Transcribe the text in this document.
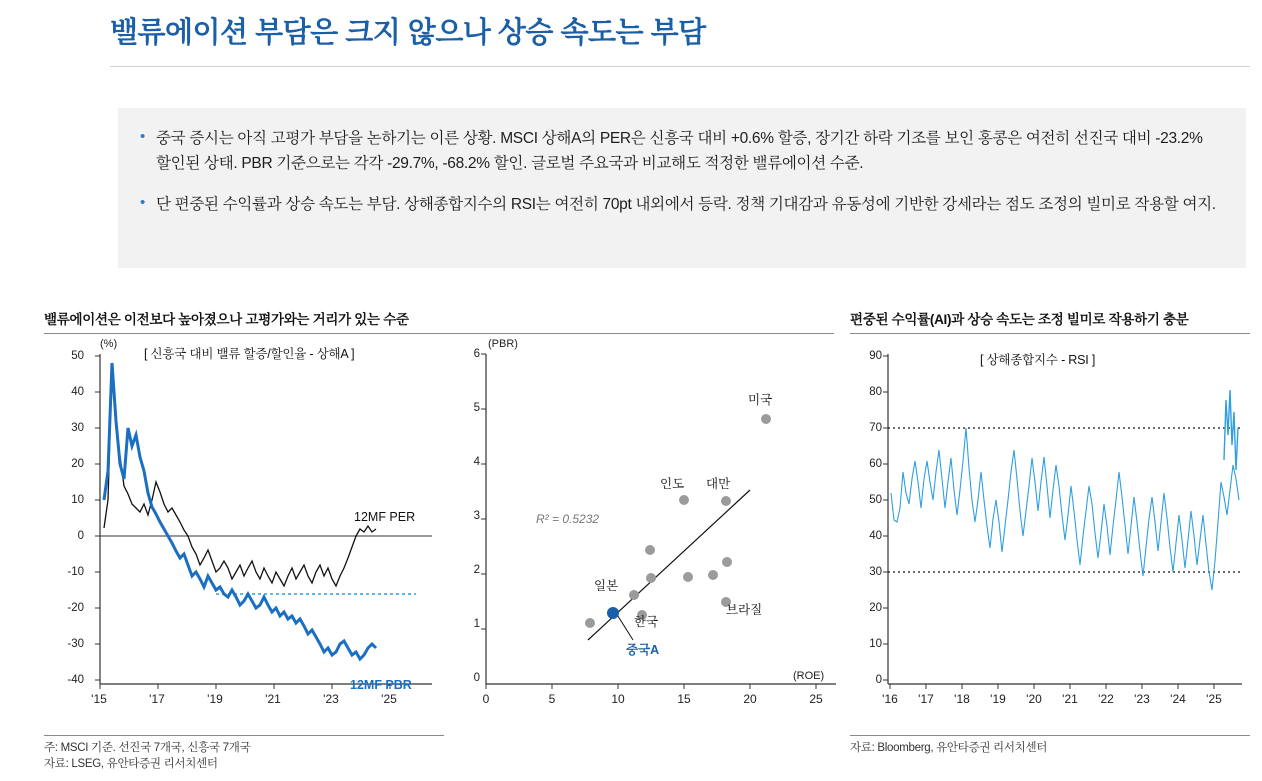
밸류에이션 부담은 크지 않으나 상승 속도는 부담
• 중국 증시는 아직 고평가 부담을 논하기는 이른 상황. MSCI 상해A의 PER은 신흥국 대비 +0.6% 할증, 장기간 하락 기조를 보인 홍콩은 여전히 선진국 대비 -23.2% 할인된 상태. PBR 기준으로는 각각 -29.7%, -68.2% 할인. 글로벌 주요국과 비교해도 적정한 밸류에이션 수준.
• 단 편중된 수익률과 상승 속도는 부담. 상해종합지수의 RSI는 여전히 70pt 내외에서 등락. 정책 기대감과 유동성에 기반한 강세라는 점도 조정의 빌미로 작용할 여지.
밸류에이션은 이전보다 높아졌으나 고평가와는 거리가 있는 수준
(%)
[ 신흥국 대비 밸류 할증/할인율 - 상해A ]
50
40
30
20
10
0
-10
-20
-30
-40
'15	'17	'19	'21	'23	'25
12MF PER
12MF PBR
(PBR)
(ROE)
6
5
4
3
2
1
0
0	5	10	15	20	25
미국
인도 대만
일본
한국
브라질
중국A
R² = 0.5232
주: MSCI 기준. 선진국 7개국, 신흥국 7개국
자료: LSEG, 유안타증권 리서치센터
편중된 수익률(AI)과 상승 속도는 조정 빌미로 작용하기 충분
[ 상해종합지수 - RSI ]
90
80
70
60
50
40
30
20
10
0
'16	'17	'18	'19	'20	'21	'22	'23	'24	'25
자료: Bloomberg, 유안타증권 리서치센터
